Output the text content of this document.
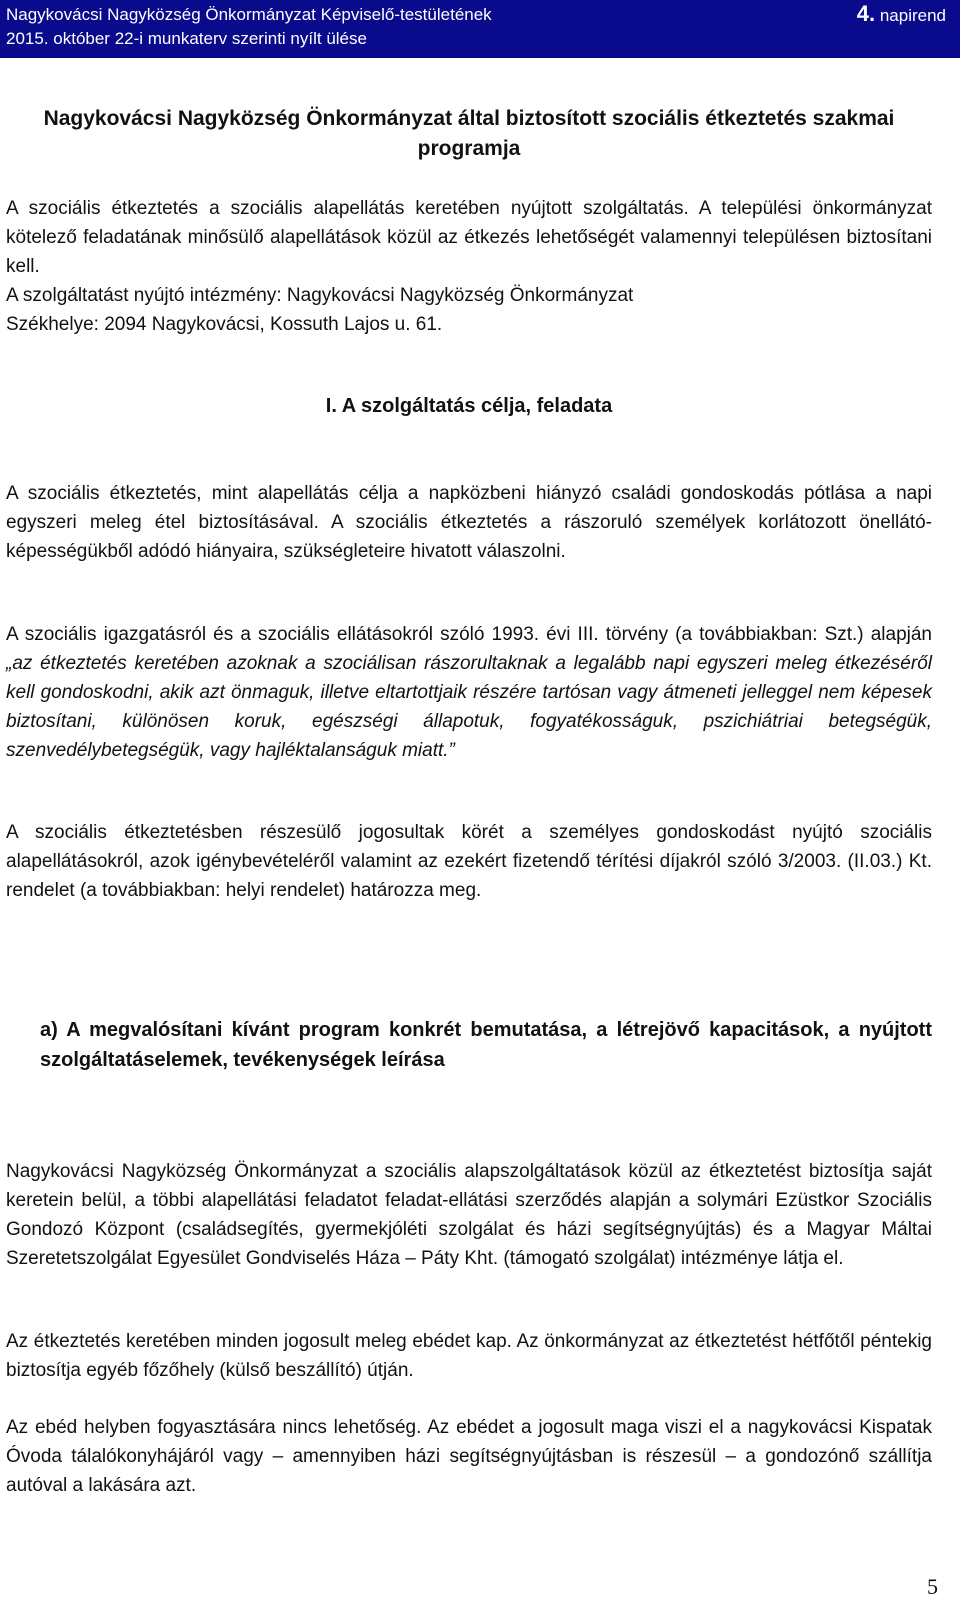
Nagykovácsi Nagyközség Önkormányzat Képviselő-testületének
2015. október 22-i munkaterv szerinti nyílt ülése
4. napirend
Nagykovácsi Nagyközség Önkormányzat által biztosított szociális étkeztetés szakmai programja

A szociális étkeztetés a szociális alapellátás keretében nyújtott szolgáltatás. A települési önkormányzat kötelező feladatának minősülő alapellátások közül az étkezés lehetőségét valamennyi településen biztosítani kell.

A szolgáltatást nyújtó intézmény: Nagykovácsi Nagyközség Önkormányzat

Székhelye: 2094 Nagykovácsi, Kossuth Lajos u. 61.

I. A szolgáltatás célja, feladata

A szociális étkeztetés, mint alapellátás célja a napközbeni hiányzó családi gondoskodás pótlása a napi egyszeri meleg étel biztosításával. A szociális étkeztetés a rászoruló személyek korlátozott önellátó-képességükből adódó hiányaira, szükségleteire hivatott válaszolni.

A szociális igazgatásról és a szociális ellátásokról szóló 1993. évi III. törvény (a továbbiakban: Szt.) alapján „az étkeztetés keretében azoknak a szociálisan rászorultaknak a legalább napi egyszeri meleg étkezéséről kell gondoskodni, akik azt önmaguk, illetve eltartottjaik részére tartósan vagy átmeneti jelleggel nem képesek biztosítani, különösen koruk, egészségi állapotuk, fogyatékosságuk, pszichiátriai betegségük, szenvedélybetegségük, vagy hajléktalanságuk miatt.”

A szociális étkeztetésben részesülő jogosultak körét a személyes gondoskodást nyújtó szociális alapellátásokról, azok igénybevételéről valamint az ezekért fizetendő térítési díjakról szóló 3/2003. (II.03.) Kt. rendelet (a továbbiakban: helyi rendelet) határozza meg.

a) A megvalósítani kívánt program konkrét bemutatása, a létrejövő kapacitások, a nyújtott szolgáltatáselemek, tevékenységek leírása

Nagykovácsi Nagyközség Önkormányzat a szociális alapszolgáltatások közül az étkeztetést biztosítja saját keretein belül, a többi alapellátási feladatot feladat-ellátási szerződés alapján a solymári Ezüstkor Szociális Gondozó Központ (családsegítés, gyermekjóléti szolgálat és házi segítségnyújtás) és a Magyar Máltai Szeretetszolgálat Egyesület Gondviselés Háza – Páty Kht. (támogató szolgálat) intézménye látja el.

Az étkeztetés keretében minden jogosult meleg ebédet kap. Az önkormányzat az étkeztetést hétfőtől péntekig biztosítja egyéb főzőhely (külső beszállító) útján.

Az ebéd helyben fogyasztására nincs lehetőség. Az ebédet a jogosult maga viszi el a nagykovácsi Kispatak Óvoda tálalókonyhájáról vagy – amennyiben házi segítségnyújtásban is részesül – a gondozónő szállítja autóval a lakására azt.

5
